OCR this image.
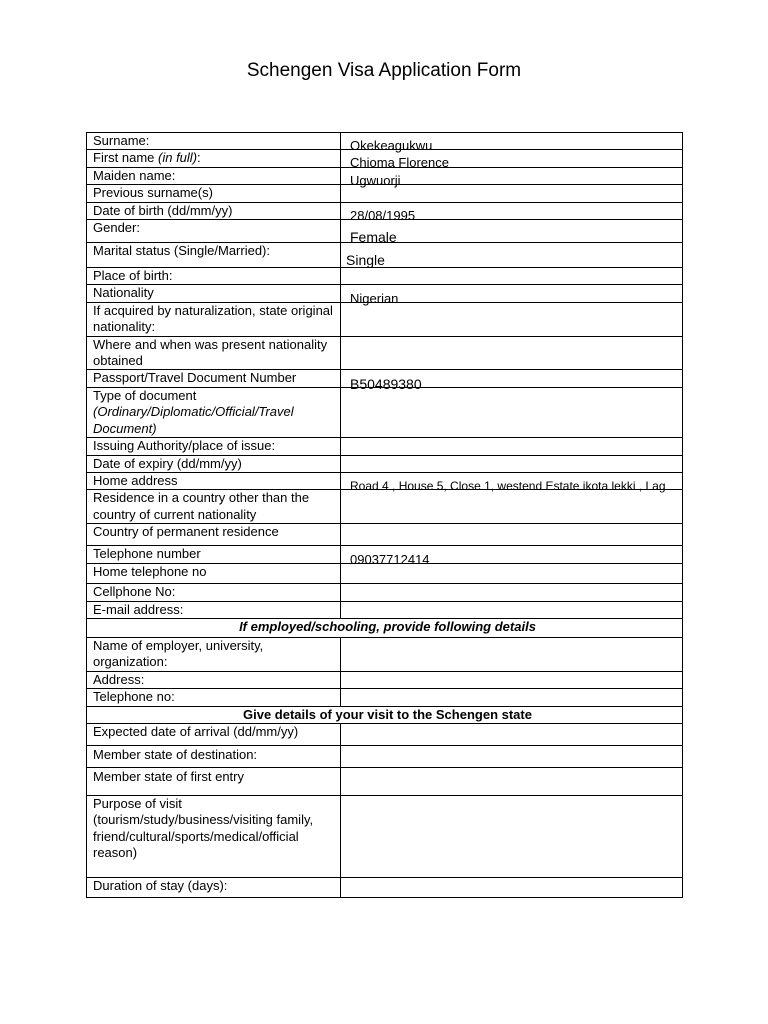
Schengen Visa Application Form
Surname:	Okekeagukwu

First name (in full):	Chioma Florence

Maiden name:	Ugwuorji

Previous surname(s)	

Date of birth (dd/mm/yy)	28/08/1995

Gender:	Female

Marital status (Single/Married):	Single

Place of birth:	

Nationality	Nigerian

If acquired by naturalization, state original nationality:	

Where and when was present nationality obtained	

Passport/Travel Document Number	B50489380

Type of document
(Ordinary/Diplomatic/Official/Travel Document)	

Issuing Authority/place of issue:	

Date of expiry (dd/mm/yy)	

Home address	Road 4 , House 5, Close 1, westend Estate ikota lekki , Lag

Residence in a country other than the country of current nationality	

Country of permanent residence	

Telephone number	09037712414

Home telephone no	

Cellphone No:	

E-mail address:	

If employed/schooling, provide following details	
Name of employer, university, organization:	

Address:	

Telephone no:	

Give details of your visit to the Schengen state	
Expected date of arrival (dd/mm/yy)	

Member state of destination:	

Member state of first entry	

Purpose of visit (tourism/study/business/visiting family, friend/cultural/sports/medical/official reason)	

Duration of stay (days):	
